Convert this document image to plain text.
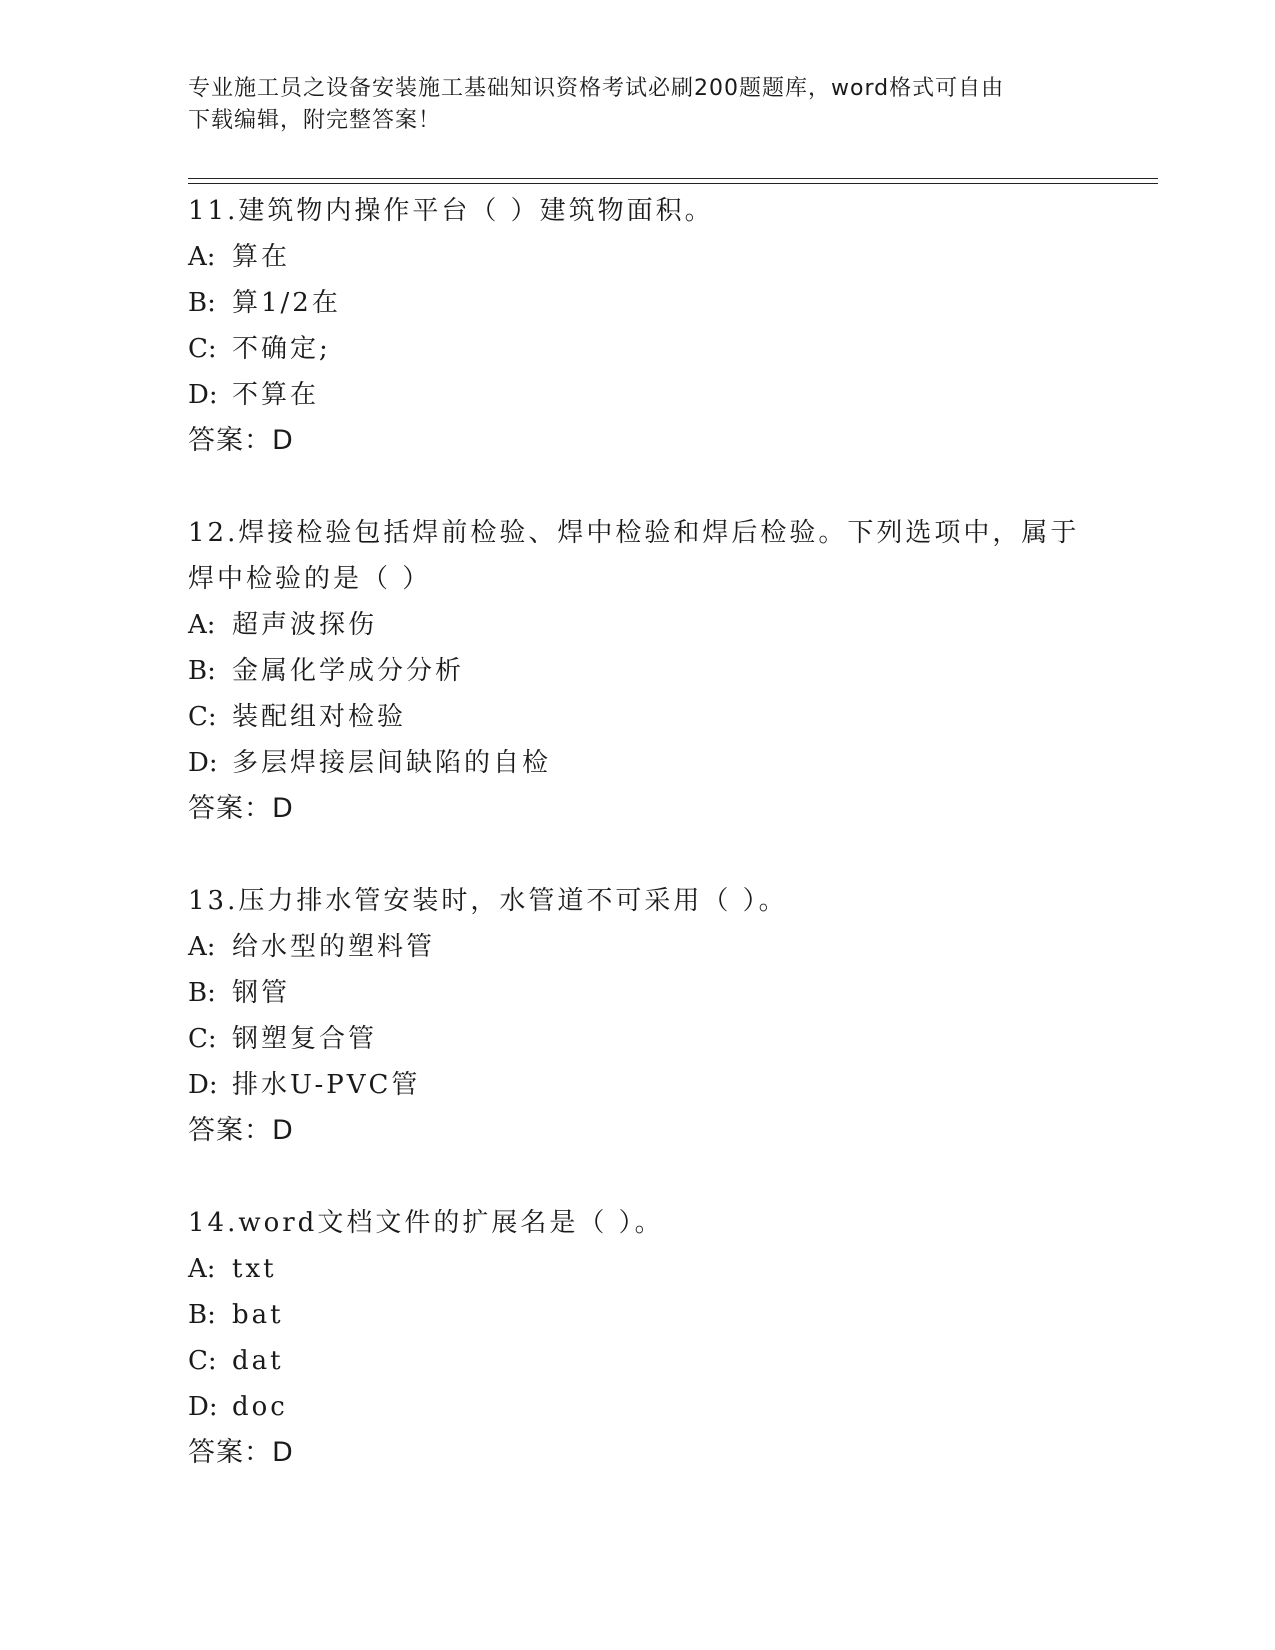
专业施工员之设备安装施工基础知识资格考试必刷200题题库，word格式可自由
下载编辑，附完整答案！
11.建筑物内操作平台（ ）建筑物面积。
A: 算在
B: 算1/2在
C: 不确定;
D: 不算在
答案：D
12.焊接检验包括焊前检验、焊中检验和焊后检验。下列选项中，属于
焊中检验的是（ ）
A: 超声波探伤
B: 金属化学成分分析
C: 装配组对检验
D: 多层焊接层间缺陷的自检
答案：D
13.压力排水管安装时，水管道不可采用（ ）。
A: 给水型的塑料管
B: 钢管
C: 钢塑复合管
D: 排水U-PVC管
答案：D
14.word文档文件的扩展名是（ ）。
A: txt
B: bat
C: dat
D: doc
答案：D
